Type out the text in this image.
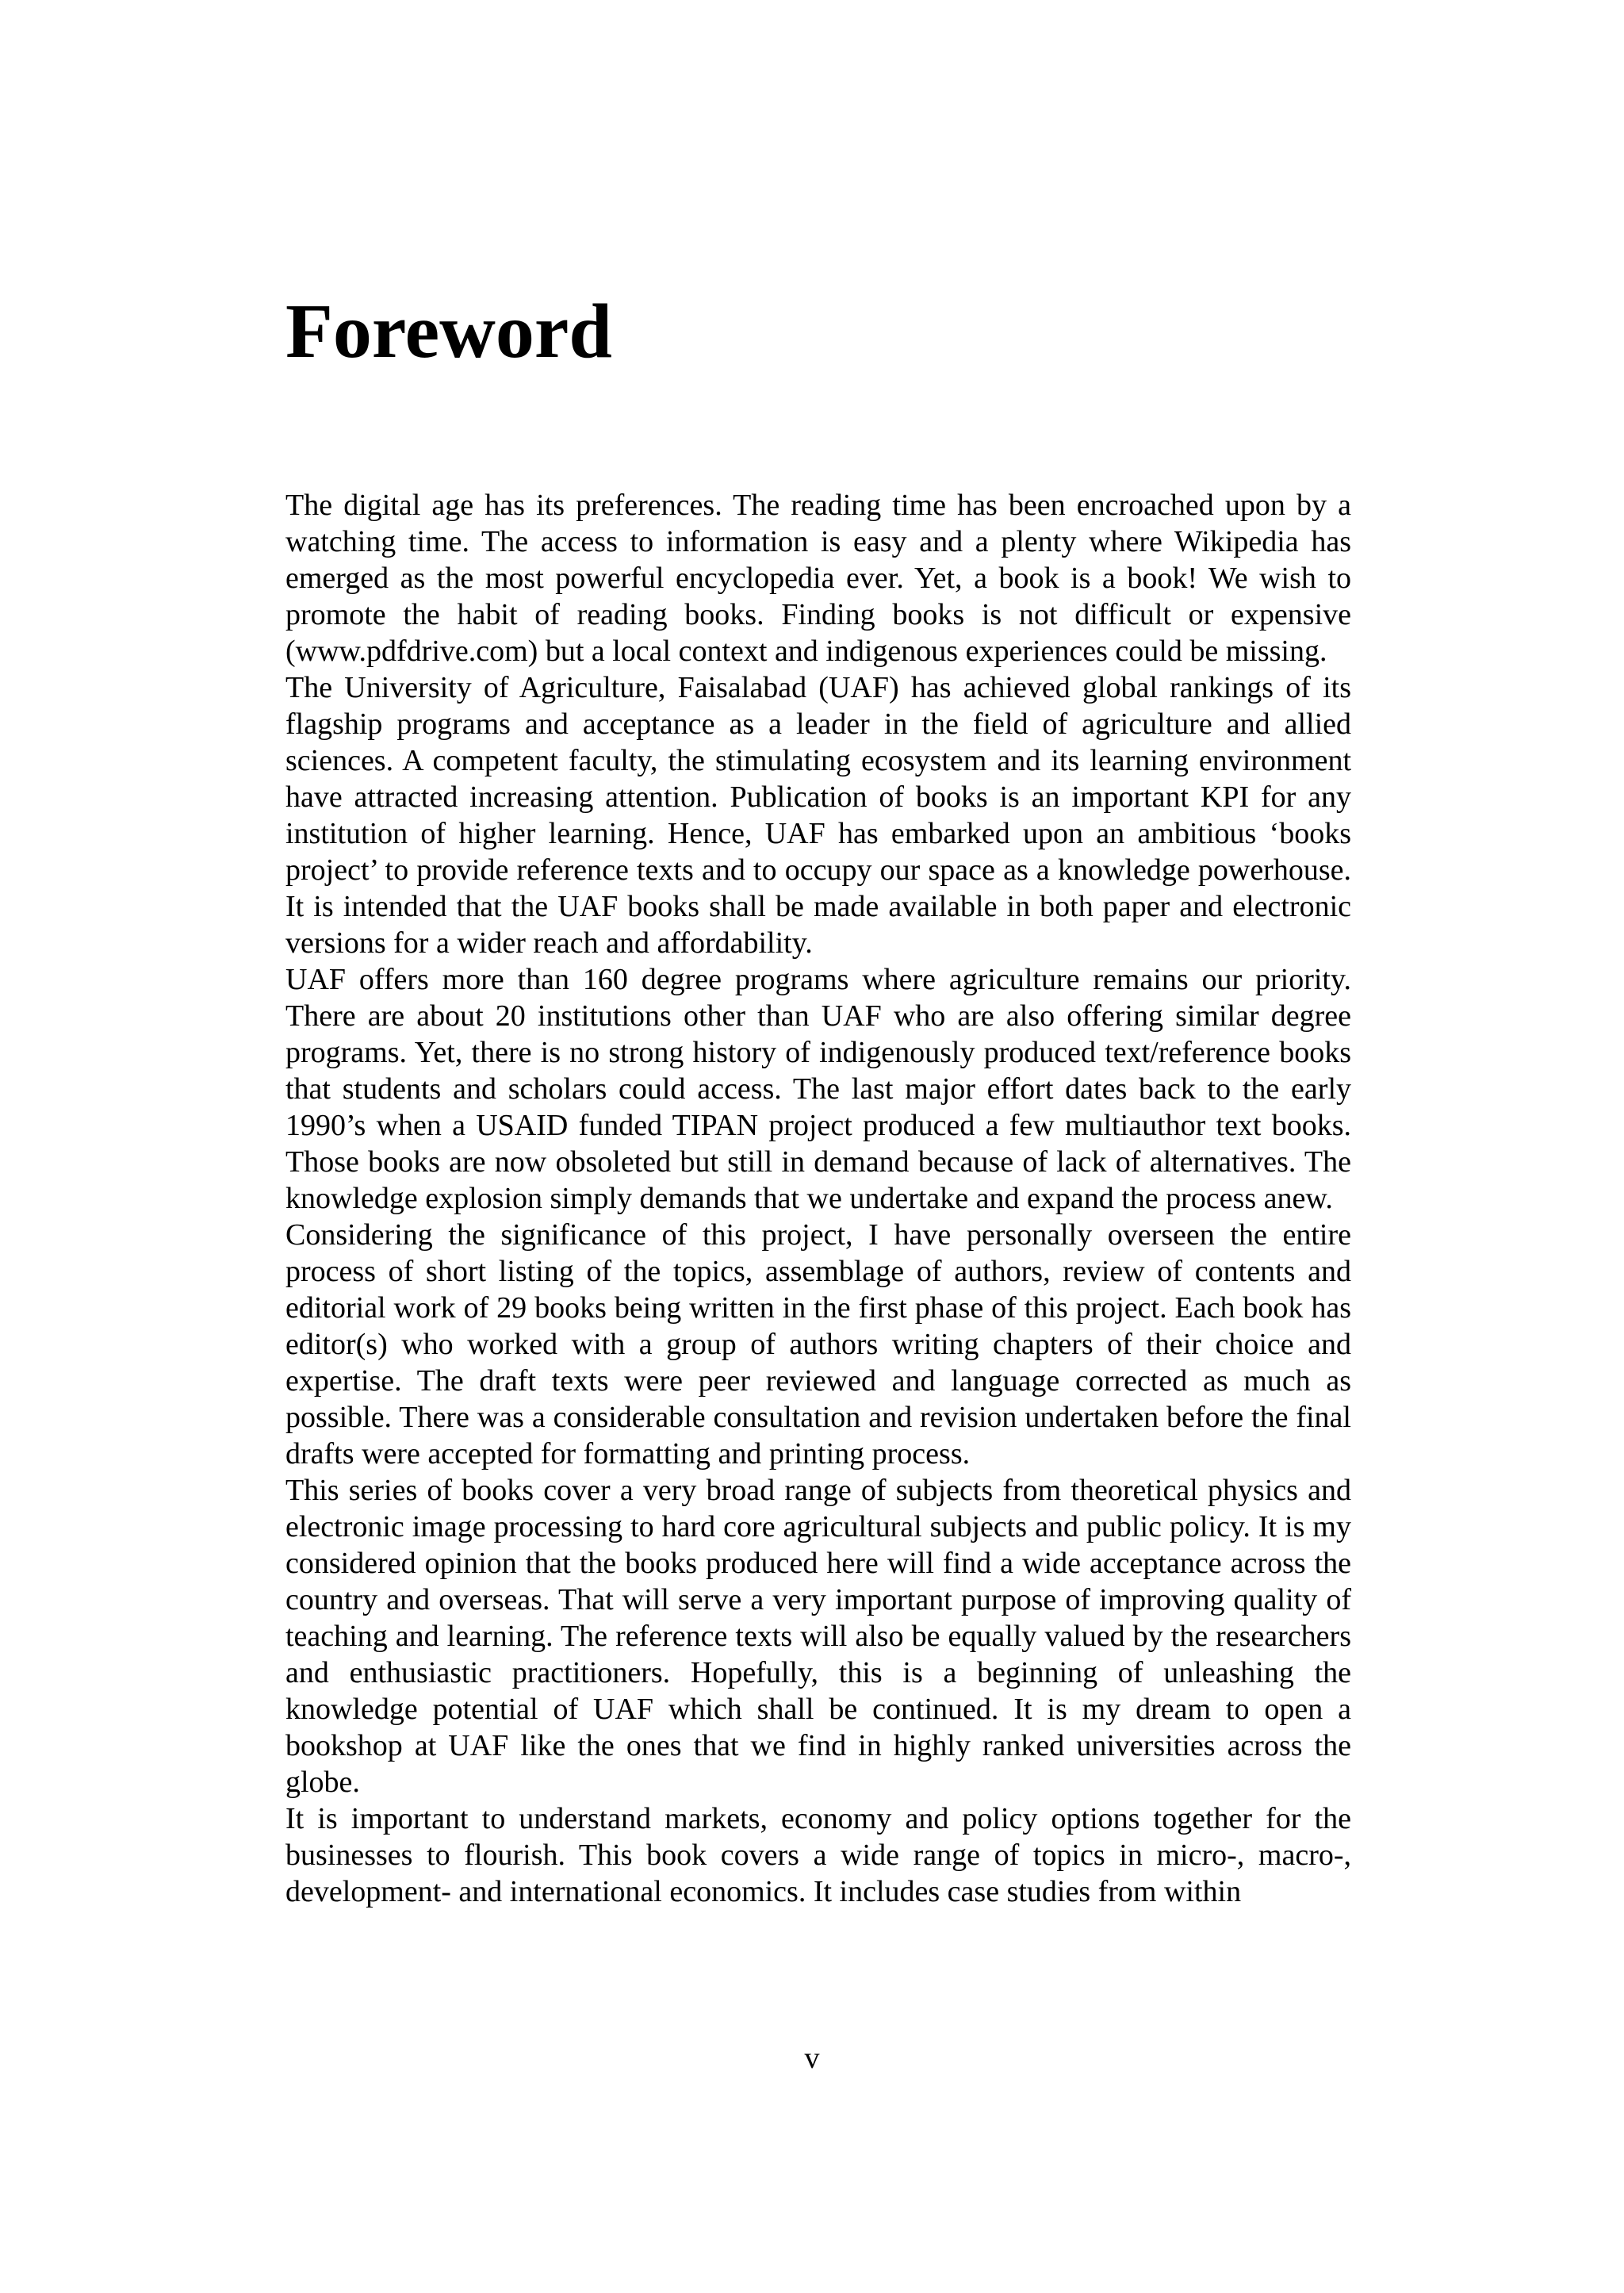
Foreword

The digital age has its preferences. The reading time has been encroached upon by a watching time. The access to information is easy and a plenty where Wikipedia has emerged as the most powerful encyclopedia ever. Yet, a book is a book! We wish to promote the habit of reading books. Finding books is not difficult or expensive (www.pdfdrive.com) but a local context and indigenous experiences could be missing.

The University of Agriculture, Faisalabad (UAF) has achieved global rankings of its flagship programs and acceptance as a leader in the field of agriculture and allied sciences. A competent faculty, the stimulating ecosystem and its learning environment have attracted increasing attention. Publication of books is an important KPI for any institution of higher learning. Hence, UAF has embarked upon an ambitious ‘books project’ to provide reference texts and to occupy our space as a knowledge powerhouse. It is intended that the UAF books shall be made available in both paper and electronic versions for a wider reach and affordability.

UAF offers more than 160 degree programs where agriculture remains our priority. There are about 20 institutions other than UAF who are also offering similar degree programs. Yet, there is no strong history of indigenously produced text/reference books that students and scholars could access. The last major effort dates back to the early 1990’s when a USAID funded TIPAN project produced a few multiauthor text books. Those books are now obsoleted but still in demand because of lack of alternatives. The knowledge explosion simply demands that we undertake and expand the process anew.

Considering the significance of this project, I have personally overseen the entire process of short listing of the topics, assemblage of authors, review of contents and editorial work of 29 books being written in the first phase of this project. Each book has editor(s) who worked with a group of authors writing chapters of their choice and expertise. The draft texts were peer reviewed and language corrected as much as possible. There was a considerable consultation and revision undertaken before the final drafts were accepted for formatting and printing process.

This series of books cover a very broad range of subjects from theoretical physics and electronic image processing to hard core agricultural subjects and public policy. It is my considered opinion that the books produced here will find a wide acceptance across the country and overseas. That will serve a very important purpose of improving quality of teaching and learning. The reference texts will also be equally valued by the researchers and enthusiastic practitioners. Hopefully, this is a beginning of unleashing the knowledge potential of UAF which shall be continued. It is my dream to open a bookshop at UAF like the ones that we find in highly ranked universities across the globe.

It is important to understand markets, economy and policy options together for the businesses to flourish. This book covers a wide range of topics in micro-, macro-, development- and international economics. It includes case studies from within

v
